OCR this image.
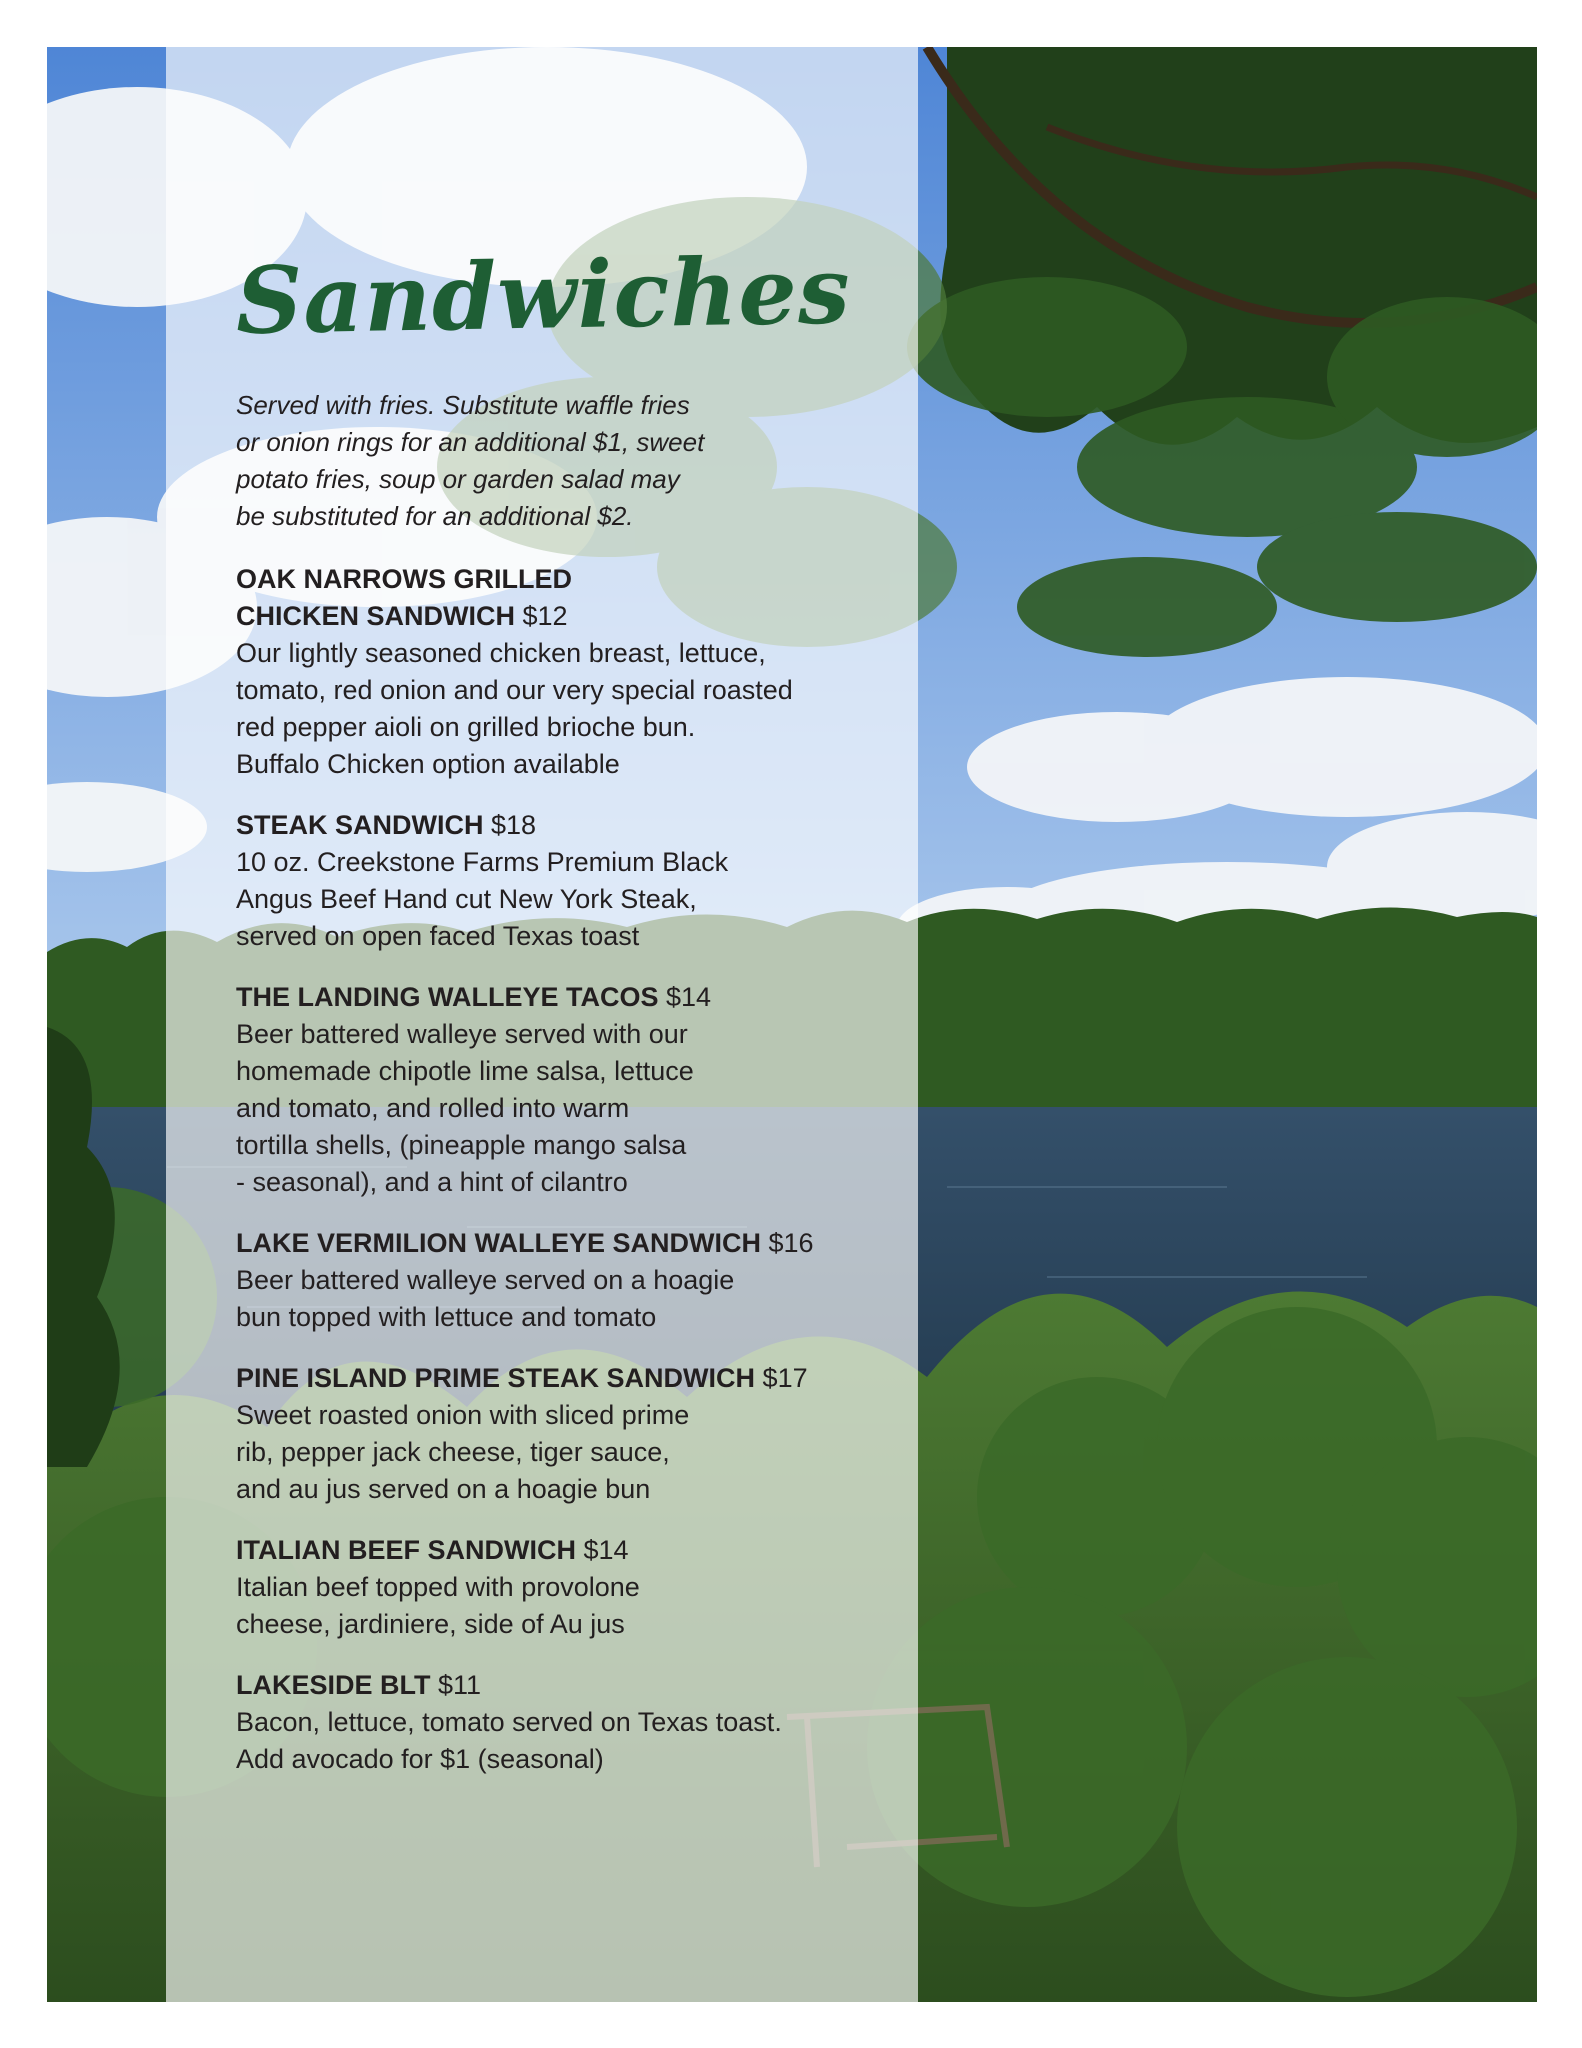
Sandwiches
Served with fries. Substitute waffle fries
or onion rings for an additional $1, sweet
potato fries, soup or garden salad may
be substituted for an additional $2.
OAK NARROWS GRILLED
CHICKEN SANDWICH $12
Our lightly seasoned chicken breast, lettuce,
tomato, red onion and our very special roasted
red pepper aioli on grilled brioche bun.
Buffalo Chicken option available
STEAK SANDWICH $18
10 oz. Creekstone Farms Premium Black
Angus Beef Hand cut New York Steak,
served on open faced Texas toast
THE LANDING WALLEYE TACOS $14
Beer battered walleye served with our
homemade chipotle lime salsa, lettuce
and tomato, and rolled into warm
tortilla shells, (pineapple mango salsa
- seasonal), and a hint of cilantro
LAKE VERMILION WALLEYE SANDWICH $16
Beer battered walleye served on a hoagie
bun topped with lettuce and tomato
PINE ISLAND PRIME STEAK SANDWICH $17
Sweet roasted onion with sliced prime
rib, pepper jack cheese, tiger sauce,
and au jus served on a hoagie bun
ITALIAN BEEF SANDWICH $14
Italian beef topped with provolone
cheese, jardiniere, side of Au jus
LAKESIDE BLT $11
Bacon, lettuce, tomato served on Texas toast.
Add avocado for $1 (seasonal)
